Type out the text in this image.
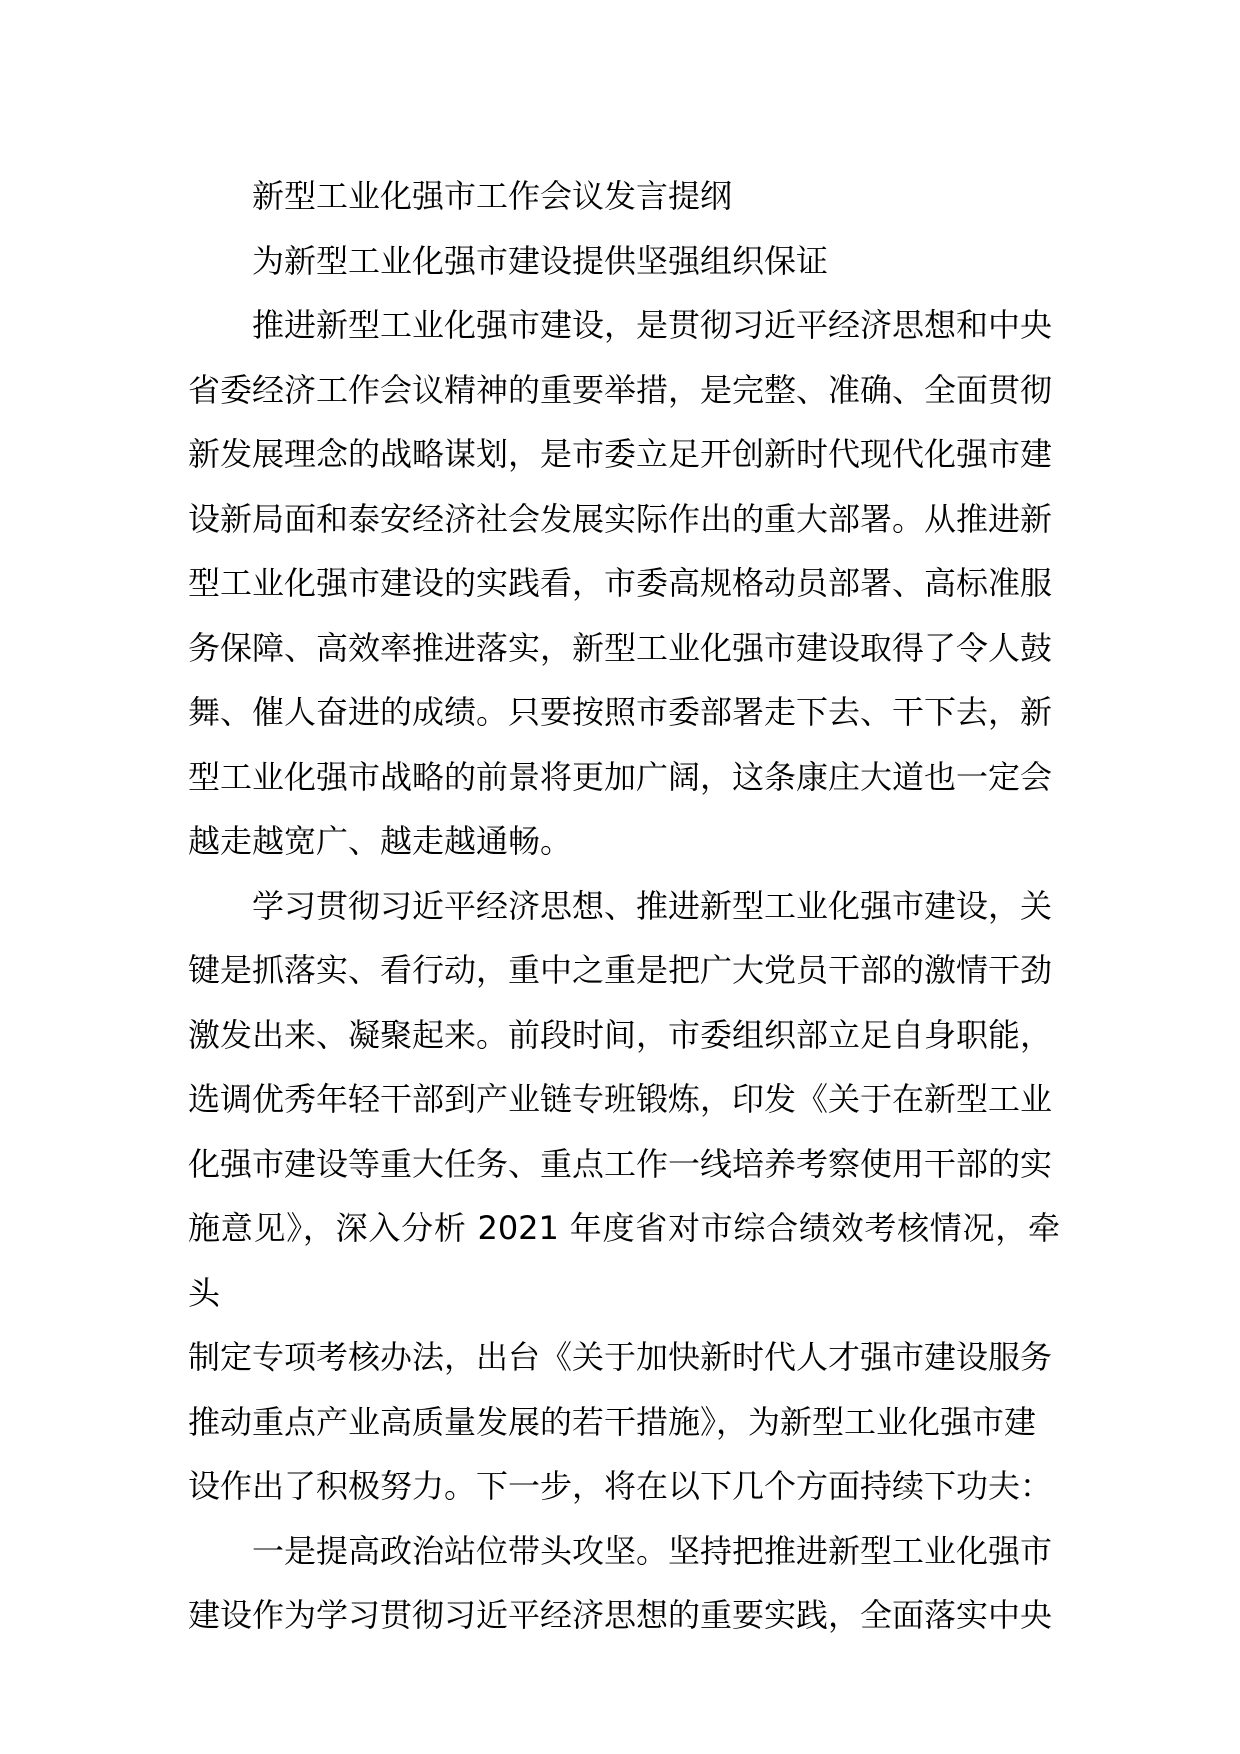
新型工业化强市工作会议发言提纲

为新型工业化强市建设提供坚强组织保证

推进新型工业化强市建设，是贯彻习近平经济思想和中央
省委经济工作会议精神的重要举措，是完整、准确、全面贯彻
新发展理念的战略谋划，是市委立足开创新时代现代化强市建
设新局面和泰安经济社会发展实际作出的重大部署。从推进新
型工业化强市建设的实践看，市委高规格动员部署、高标准服
务保障、高效率推进落实，新型工业化强市建设取得了令人鼓
舞、催人奋进的成绩。只要按照市委部署走下去、干下去，新
型工业化强市战略的前景将更加广阔，这条康庄大道也一定会
越走越宽广、越走越通畅。

学习贯彻习近平经济思想、推进新型工业化强市建设，关
键是抓落实、看行动，重中之重是把广大党员干部的激情干劲
激发出来、凝聚起来。前段时间，市委组织部立足自身职能，
选调优秀年轻干部到产业链专班锻炼，印发《关于在新型工业
化强市建设等重大任务、重点工作一线培养考察使用干部的实
施意见》，深入分析 2021 年度省对市综合绩效考核情况，牵头
制定专项考核办法，出台《关于加快新时代人才强市建设服务
推动重点产业高质量发展的若干措施》，为新型工业化强市建
设作出了积极努力。下一步，将在以下几个方面持续下功夫：

一是提高政治站位带头攻坚。坚持把推进新型工业化强市
建设作为学习贯彻习近平经济思想的重要实践，全面落实中央
